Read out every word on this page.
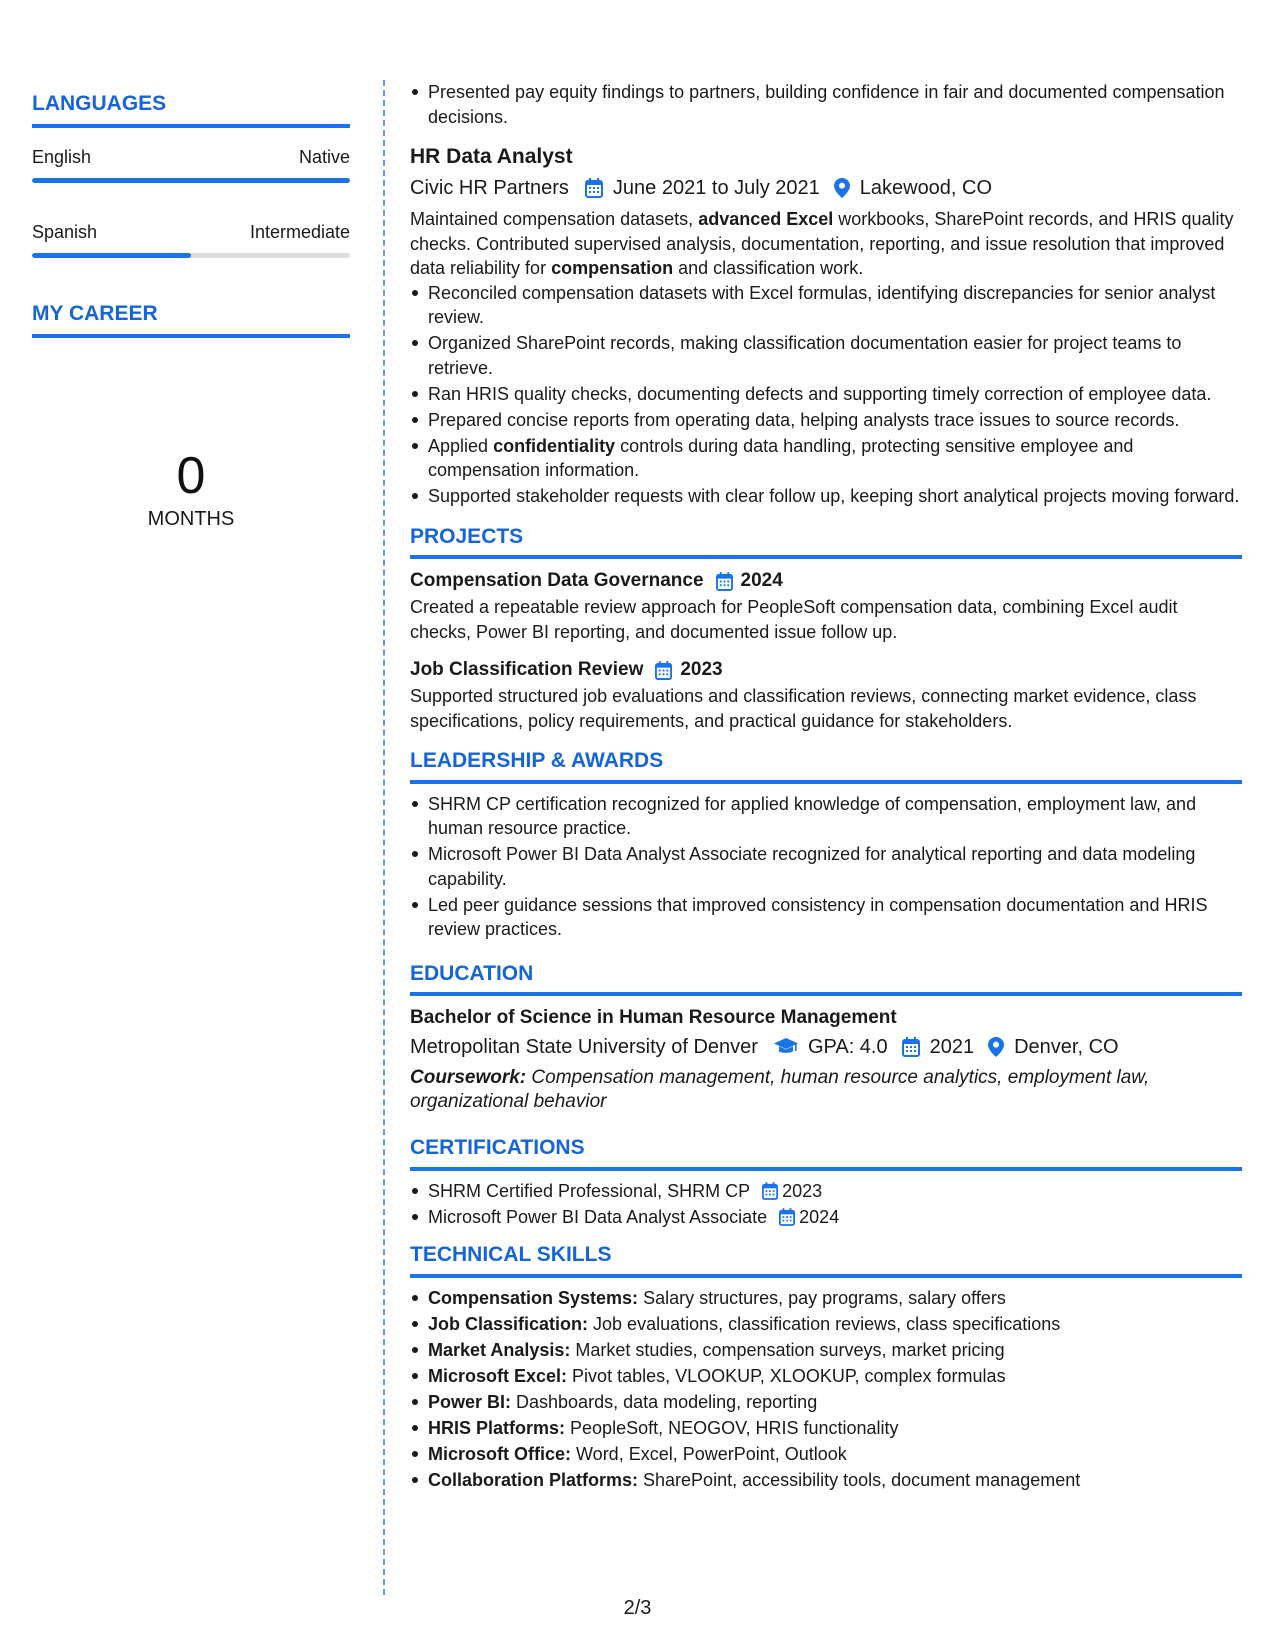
LANGUAGES
English	Native
Spanish	Intermediate
MY CAREER
0
MONTHS
Presented pay equity findings to partners, building confidence in fair and documented compensation decisions.
HR Data Analyst
Civic HR Partners June 2021 to July 2021 Lakewood, CO
Maintained compensation datasets, advanced Excel workbooks, SharePoint records, and HRIS quality checks. Contributed supervised analysis, documentation, reporting, and issue resolution that improved data reliability for compensation and classification work.
Reconciled compensation datasets with Excel formulas, identifying discrepancies for senior analyst review.
Organized SharePoint records, making classification documentation easier for project teams to retrieve.
Ran HRIS quality checks, documenting defects and supporting timely correction of employee data.
Prepared concise reports from operating data, helping analysts trace issues to source records.
Applied confidentiality controls during data handling, protecting sensitive employee and compensation information.
Supported stakeholder requests with clear follow up, keeping short analytical projects moving forward.
PROJECTS
Compensation Data Governance 2024
Created a repeatable review approach for PeopleSoft compensation data, combining Excel audit checks, Power BI reporting, and documented issue follow up.
Job Classification Review 2023
Supported structured job evaluations and classification reviews, connecting market evidence, class specifications, policy requirements, and practical guidance for stakeholders.
LEADERSHIP & AWARDS
SHRM CP certification recognized for applied knowledge of compensation, employment law, and human resource practice.
Microsoft Power BI Data Analyst Associate recognized for analytical reporting and data modeling capability.
Led peer guidance sessions that improved consistency in compensation documentation and HRIS review practices.
EDUCATION
Bachelor of Science in Human Resource Management
Metropolitan State University of Denver	GPA: 4.0 2021 Denver, CO
Coursework: Compensation management, human resource analytics, employment law, organizational behavior
CERTIFICATIONS
SHRM Certified Professional, SHRM CP 2023
Microsoft Power BI Data Analyst Associate 2024
TECHNICAL SKILLS
Compensation Systems: Salary structures, pay programs, salary offers
Job Classification: Job evaluations, classification reviews, class specifications
Market Analysis: Market studies, compensation surveys, market pricing
Microsoft Excel: Pivot tables, VLOOKUP, XLOOKUP, complex formulas
Power BI: Dashboards, data modeling, reporting
HRIS Platforms: PeopleSoft, NEOGOV, HRIS functionality
Microsoft Office: Word, Excel, PowerPoint, Outlook
Collaboration Platforms: SharePoint, accessibility tools, document management
2/3
